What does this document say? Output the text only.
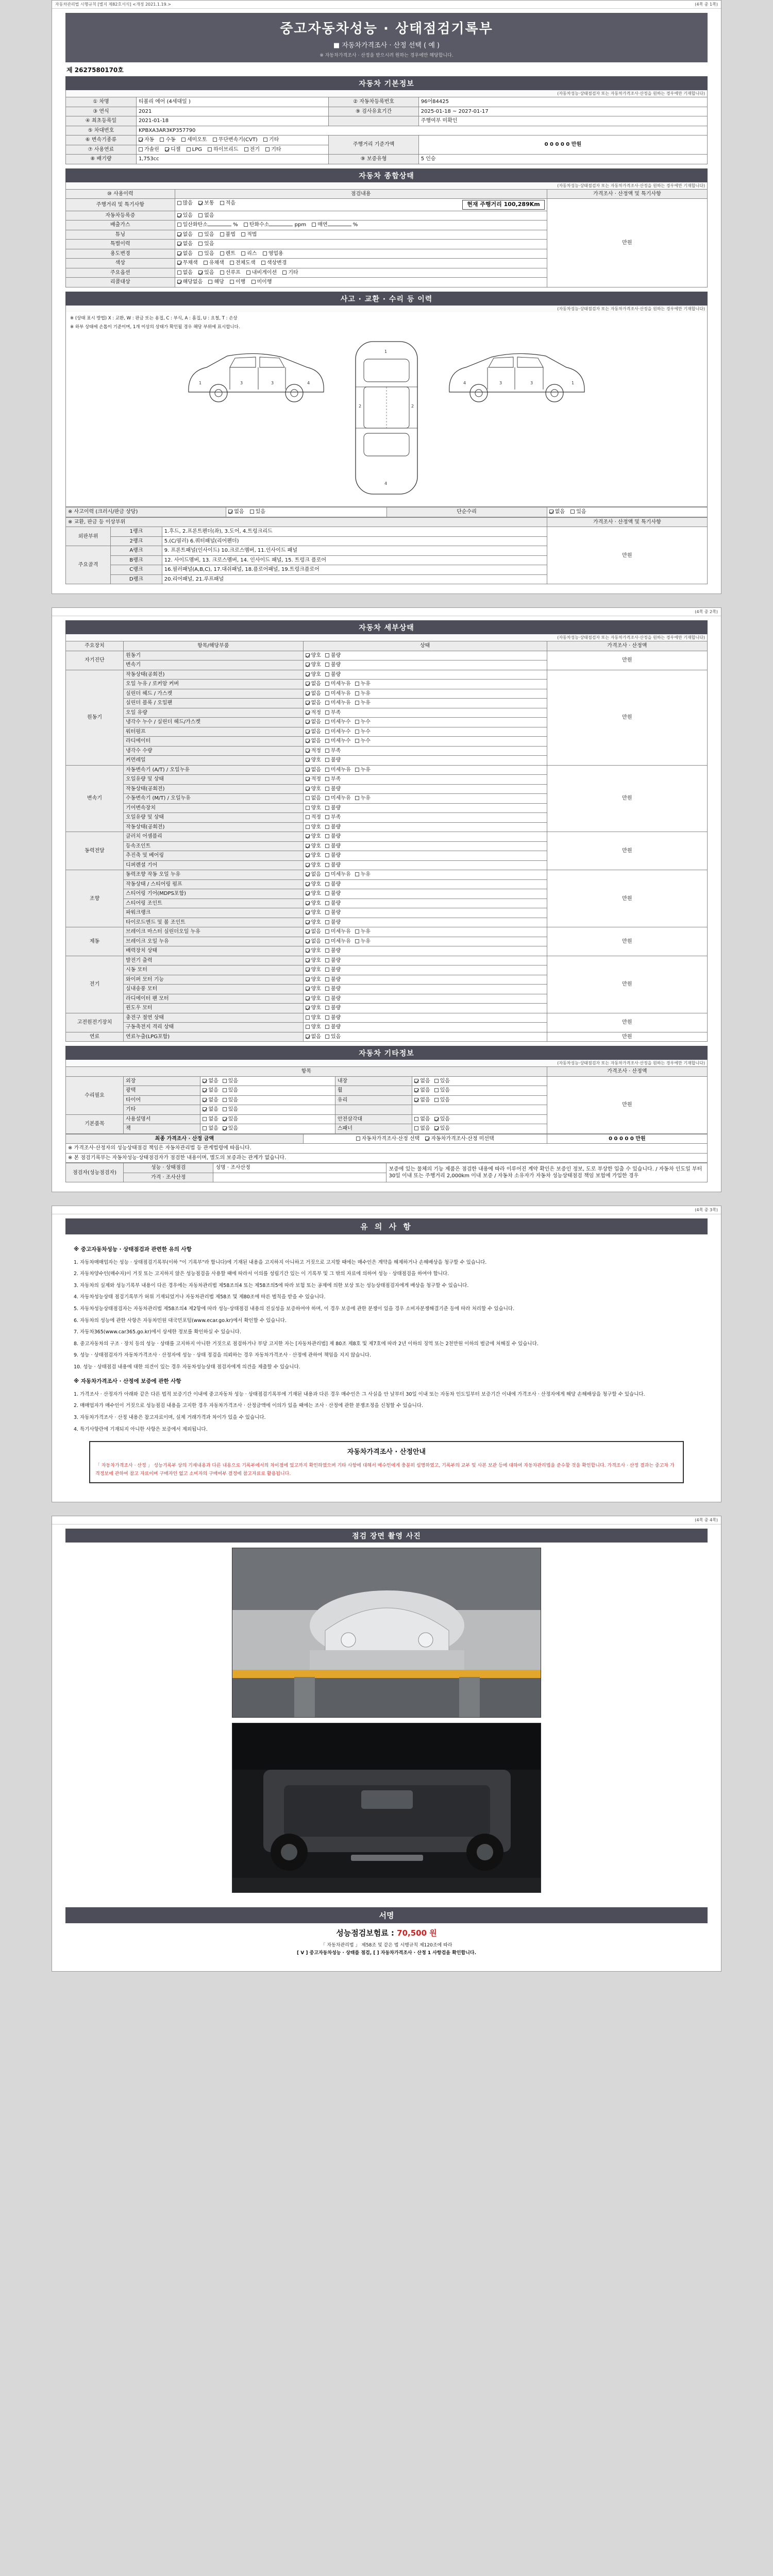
자동차관리법 시행규칙 [별지 제82호서식] <개정 2021.1.19.>	(4쪽 중 1쪽)
중고자동차성능 · 상태점검기록부
■ 자동차가격조사 · 산정 선택 ( 예 )
※ 자동차가격조사 · 산정을 받으시려 원하는 경우에만 해당합니다.
제 2627580170호
자동차 기본정보
(자동차성능·상태점검자 또는 자동차가격조사·산정을 원하는 경우에만 기재합니다)
① 차명	티볼리 에어 (4세대일 )	② 자동차등록번호	96어84425
③ 연식	2021	⑨ 검사유효기간	2025-01-18 ~ 2027-01-17
④ 최초등록일	2021-01-18		주행여부 미확인
⑤ 차대번호	KPBXA3AR3KP357790		
⑥ 변속기종류	자동 수동 세미오토 무단변속기(CVT) 기타	주행거리 기준가액	0 0 0 0 0 만원
⑦ 사용연료	가솔린 디젤 LPG 하이브리드 전기 기타		
⑧ 배기량	1,753cc	⑨ 보증유형	5 인승
자동차 종합상태
(자동차성능·상태점검자 또는 자동차가격조사·산정을 원하는 경우에만 기재합니다)
⑩ 사용이력	점검내용	가격조사 · 산정액 및 특기사항
주행거리 및 특기사항	많음 보통 적음 현재 주행거리 100,289Km	만원
자동차등록증	있음 없음	
배출가스	일산화탄소 % 탄화수소 ppm 매연 %	
튜닝	없음 있음 불법 적법	
특별이력	없음 있음	
용도변경	없음 있음 렌트 리스 영업용	
색상	무채색 유채색 전체도색 색상변경	
주요옵션	없음 있음 선루프 내비게이션 기타	
리콜대상	해당없음 해당 이행 미이행	
사고 · 교환 · 수리 등 이력
(자동차성능·상태점검자 또는 자동차가격조사·산정을 원하는 경우에만 기재합니다)
※ (상태 표시 방법) X : 교환, W : 판금 또는 용접, C : 부식, A : 흠집, U : 요철, T : 손상
※ 하부 상태에 손톱이 기준이며, 1개 이상의 상태가 확인될 경우 해당 부위에 표시합니다.
1	3	3	4
1
2	2
4
1
3
3
4
※ 사고이력 (크러시/판금 상당)	없음 있음	단순수리	없음 있음
※ 교환, 판금 등 이상부위			가격조사 · 산정액 및 특기사항
외판부위	1랭크	1.후드, 2.프론트펜더(좌), 3.도어, 4.트렁크리드	만원
	2랭크	5.(C/필러) 6.쿼터패널(리어펜더)	
주요골격	A랭크	9. 프론트패널(인사이드) 10.크로스멤버, 11.인사이드 패널	
	B랭크	12. 사이드멤버, 13. 크로스멤버, 14. 인사이드 패널, 15. 트렁크 플로어	
	C랭크	16.필러패널(A,B,C), 17.대쉬패널, 18.플로어패널, 19.트렁크플로어	
	D랭크	20.리어패널, 21.루프패널	
(4쪽 중 2쪽)
자동차 세부상태
(자동차성능·상태점검자 또는 자동차가격조사·산정을 원하는 경우에만 기재합니다)
주요장치	항목/해당부품	상태	가격조사 · 산정액
자기진단	원동기	양호 불량	만원
	변속기	양호 불량	
원동기	작동상태(공회전)	양호 불량	만원
	오일 누유 / 로커암 커버	없음 미세누유 누유	
	실린더 헤드 / 가스켓	없음 미세누유 누유	
	실린더 블록 / 오일팬	없음 미세누유 누유	
	오일 유량	적정 부족	
	냉각수 누수 / 실린더 헤드/가스켓	없음 미세누수 누수	
	워터펌프	없음 미세누수 누수	
	라디에이터	없음 미세누수 누수	
	냉각수 수량	적정 부족	
	커먼레일	양호 불량	
변속기	자동변속기 (A/T) / 오일누유	없음 미세누유 누유	만원
	오일유량 및 상태	적정 부족	
	작동상태(공회전)	양호 불량	
	수동변속기 (M/T) / 오일누유	없음 미세누유 누유	
	기어변속장치	양호 불량	
	오일유량 및 상태	적정 부족	
	작동상태(공회전)	양호 불량	
동력전달	클러치 어셈블리	양호 불량	만원
	등속조인트	양호 불량	
	추진축 및 베어링	양호 불량	
	디퍼렌셜 기어	양호 불량	
조향	동력조향 작동 오일 누유	없음 미세누유 누유	만원
	작동상태 / 스티어링 펌프	양호 불량	
	스티어링 기어(MDPS포함)	양호 불량	
	스티어링 조인트	양호 불량	
	파워크랭크	양호 불량	
	타이로드엔드 및 볼 조인트	양호 불량	
제동	브레이크 마스터 실린더오일 누유	없음 미세누유 누유	만원
	브레이크 오일 누유	없음 미세누유 누유	
	배력장치 상태	양호 불량	
전기	발전기 출력	양호 불량	만원
	시동 모터	양호 불량	
	와이퍼 모터 기능	양호 불량	
	실내송풍 모터	양호 불량	
	라디에이터 팬 모터	양호 불량	
	윈도우 모터	양호 불량	
고전원전기장치	충전구 절연 상태	양호 불량	만원
	구동축전지 격리 상태	양호 불량	
연료	연료누출(LPG포함)	없음 있음	만원
자동차 기타정보
(자동차성능·상태점검자 또는 자동차가격조사·산정을 원하는 경우에만 기재합니다)
항목					가격조사 · 산정액
수리필요	외장	없음 있음	내장	없음 있음	만원
	광택	없음 있음	휠	없음 있음	
	타이어	없음 있음	유리	없음 있음	
	기타	없음 있음			
기본품목	사용설명서	없음 있음	안전삼각대	없음 있음	
	잭	없음 있음	스패너	없음 있음	
최종 가격조사 · 산정 금액	자동차가격조사·산정 선택 자동차가격조사·산정 미선택	0 0 0 0 0 만원
※ 가격조사·산정자의 성능상태점검 책임은 자동차관리법 등 관계법령에 따릅니다.
※ 본 점검기록부는 자동차성능·상태점검자가 점검한 내용이며, 별도의 보증과는 관계가 없습니다.
점검자(성능점검자)	성능 · 상태점검	성명 · 조사산정	보증에 있는 물체의 기능 제품은 점검한 내용에 따라 이루어진 계약 확인은 보증인 정보, 도로 부상한 입출 수 있습니다. / 자동차 인도일 부터 30일 이내 또는 주행거리 2,000km 이내 보증 / 자동차 소유자가 자동차 성능상태점검 책임 보험에 가입한 경우
	가격 · 조사산정		
(4쪽 중 3쪽)
유 의 사 항
※ 중고자동차성능 · 상태점검과 관련한 유의 사항
1. 자동차매매업자는 성능 · 상태점검기록부(이하 "이 기록부"라 합니다)에 기재된 내용을 고지하지 아니하고 거짓으로 고지할 때에는 매수인은 계약을 해제하거나 손해배상을 청구할 수 있습니다.
2. 자동차양수인(매수자)이 거짓 또는 고지하지 않은 성능점검을 사용할 때에 따라서 이의를 성립기간 있는 이 기록부 및 그 밖의 자료에 의하여 성능 · 상태점검을 하여야 합니다.
3. 자동차의 실제와 성능기록부 내용이 다른 경우에는 자동차관리법 제58조의4 또는 제58조의5에 따라 보험 또는 공제에 의한 보상 또는 성능상태점검자에게 배상을 청구할 수 있습니다.
4. 자동차성능상태 점검기록부가 허위 기재되었거나 자동차관리법 제58조 및 제80조에 따른 벌칙을 받을 수 있습니다.
5. 자동차성능상태점검자는 자동차관리법 제58조의4 제2항에 따라 성능·상태점검 내용의 진실성을 보증하여야 하며, 이 경우 보증에 관한 분쟁이 있을 경우 소비자분쟁해결기준 등에 따라 처리할 수 있습니다.
6. 자동차의 성능에 관한 사항은 자동차민원 대국민포털(www.ecar.go.kr)에서 확인할 수 있습니다.
7. 자동차365(www.car365.go.kr)에서 상세한 정보를 확인하실 수 있습니다.
8. 중고자동차의 구조 · 장치 등의 성능 · 상태를 고지하지 아니한 거짓으로 점검하거나 부당 고지한 자는 [자동차관리법] 제 80조 제8호 및 제7호에 따라 2년 이하의 징역 또는 2천만원 이하의 벌금에 처해질 수 있습니다.
9. 성능 · 상태점검자가 자동차가격조사 · 산정자에 성능 · 상태 정검을 의뢰하는 경우 자동차가격조사 · 산정에 관하여 책임을 지지 않습니다.
10. 성능 · 상태점검 내용에 대한 의견이 있는 경우 자동차성능상태 점검자에게 의견을 제출할 수 있습니다.
※ 자동차가격조사 · 산정에 보증에 관한 사항
1. 가격조사 · 산정자가 아래와 같은 다른 법적 보증기간 이내에 중고자동차 성능 · 상태점검기록부에 기재된 내용과 다른 경우 매수인은 그 사실을 안 날부터 30일 이내 또는 자동차 인도일부터 보증기간 이내에 가격조사 · 산정자에게 해당 손해배상을 청구할 수 있습니다.
2. 매매업자가 매수인이 거짓으로 성능점검 내용을 고지한 경우 자동차가격조사 · 산정금액에 이의가 있을 때에는 조사 · 산정에 관한 분쟁조정을 신청할 수 있습니다.
3. 자동차가격조사 · 산정 내용은 참고자료이며, 실제 거래가격과 차이가 있을 수 있습니다.
4. 특기사항란에 기재되지 아니한 사항은 보증에서 제외됩니다.
자동차가격조사 · 산정안내
「 자동차가격조사 · 산정 」 성능기록부 상의 기재내용과 다른 내용으로 기록부에서의 차이점에 있고까지 확인하였으며 기타 사항에 대해서 매수인에게 충분히 설명하였고, 기록부의 교부 및 사본 보관 등에 대하여 자동차관리법을 준수할 것을 확인합니다. 가격조사 · 산정 결과는 중고차 가격정보에 관하여 참고 자료이며 구매자인 없고 소비자의 구매여부 결정에 참고자료로 활용됩니다.
(4쪽 중 4쪽)
점검 장면 촬영 사진
서명
성능점검보험료 : 70,500 원
「 자동차관리법 」 제58조 및 같은 법 시행규칙 제120조에 따라
[ Ⅴ ] 중고자동차성능 · 상태를 점검, [ ] 자동차가격조사 · 산정 1 사항검을 확인합니다.
